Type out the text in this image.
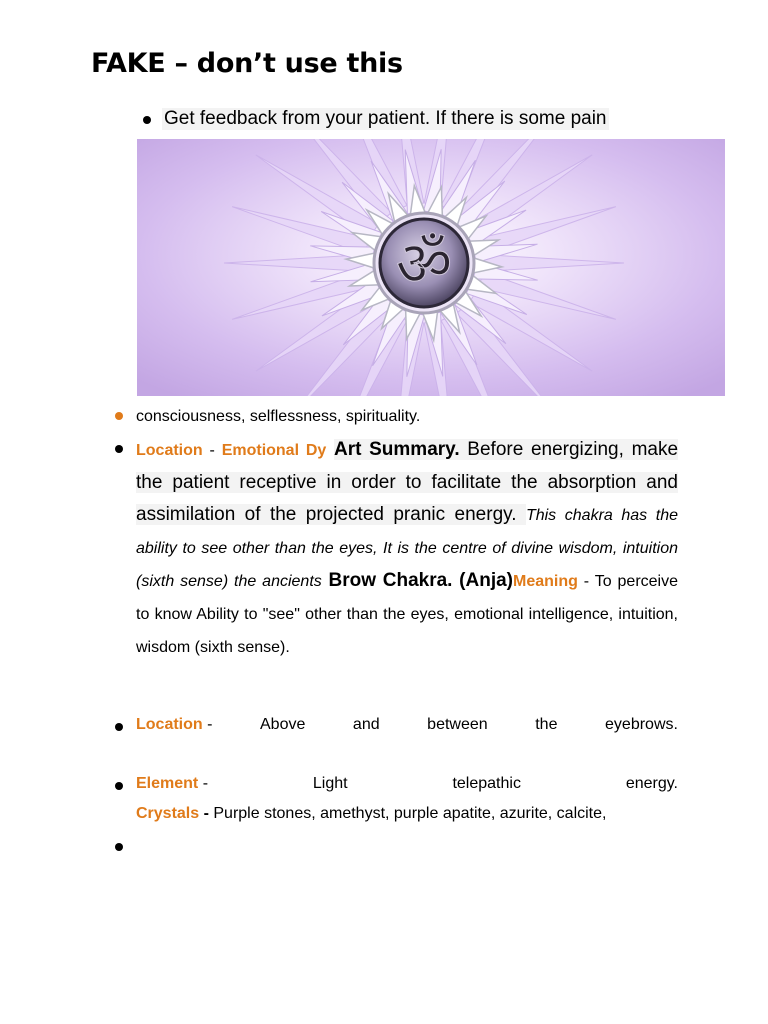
FAKE – don’t use this
Get feedback from your patient. If there is some pain
ॐ
consciousness, selflessness, spirituality.
Location - Emotional Dy Art Summary. Before energizing, make the patient receptive in order to facilitate the absorption and assimilation of the projected pranic energy. This chakra has the ability to see other than the eyes, It is the centre of divine wisdom, intuition (sixth sense) the ancients Brow Chakra. (Anja)Meaning - To perceive to know Ability to "see" other than the eyes, emotional intelligence, intuition, wisdom (sixth sense).
Location -	Above	and	between	the	eyebrows.
Element -	Light	telepathic	energy.
Crystals - Purple stones, amethyst, purple apatite, azurite, calcite,
